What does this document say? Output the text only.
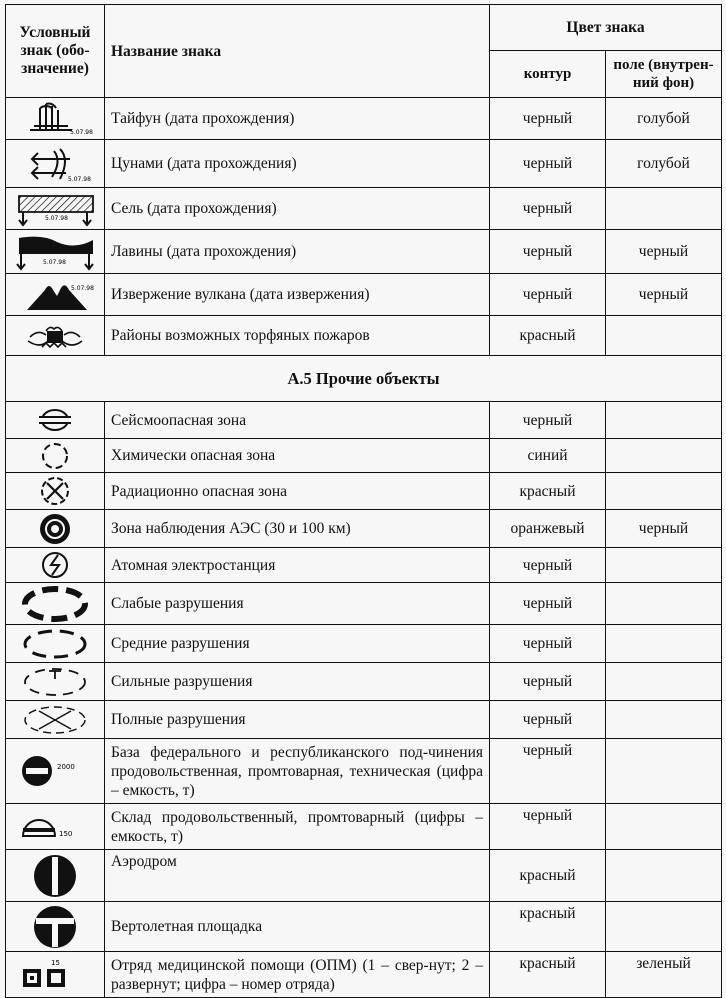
Условный знак (обо-значение)	Название знака	Цвет знака	
		контур	поле (внутрен-ний фон)

5.07.98	Тайфун (дата прохождения)	черный	голубой

5.07.98	Цунами (дата прохождения)	черный	голубой

5.07.98	Сель (дата прохождения)	черный	

5.07.98	Лавины (дата прохождения)	черный	черный

5.07.98	Извержение вулкана (дата извержения)	черный	черный

	Районы возможных торфяных пожаров	красный	
А.5 Прочие объекты			

	Сейсмоопасная зона	черный	

	Химически опасная зона	синий	

	Радиационно опасная зона	красный	

	Зона наблюдения АЭС (30 и 100 км)	оранжевый	черный

	Атомная электростанция	черный	

	Слабые разрушения	черный	

	Средние разрушения	черный	

	Сильные разрушения	черный	

	Полные разрушения	черный	

2000	База федерального и республиканского под-чинения продовольственная, промтоварная, техническая (цифра – емкость, т)	черный	

150	Склад продовольственный, промтоварный (цифры – емкость, т)	черный	

	Аэродром	красный	

	Вертолетная площадка	красный	

15	Отряд медицинской помощи (ОПМ) (1 – свер-нут; 2 – развернут; цифра – номер отряда)	красный	зеленый
